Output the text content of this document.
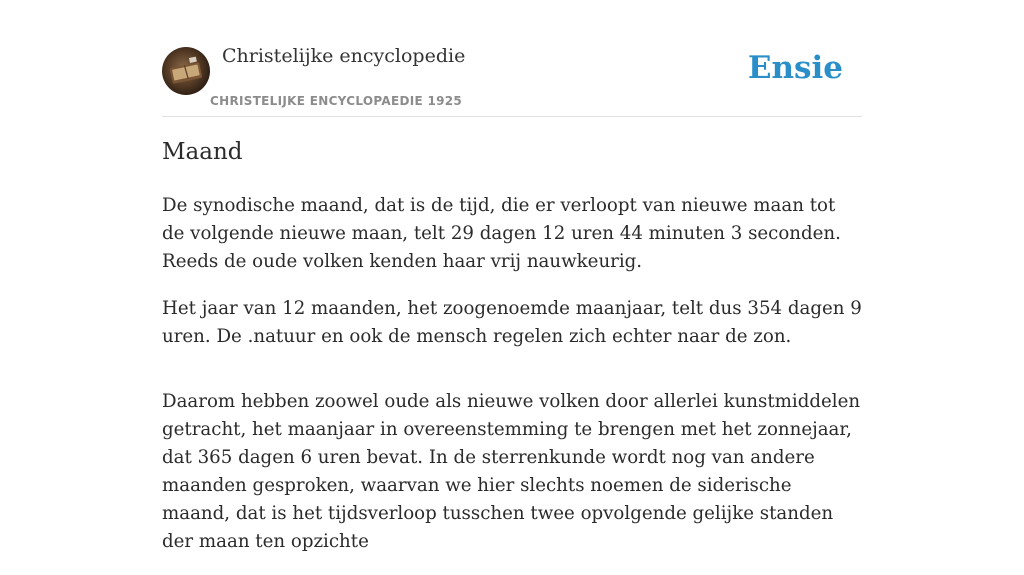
Christelijke encyclopedie
CHRISTELIJKE ENCYCLOPAEDIE 1925
Ensie
Maand

De synodische maand, dat is de tijd, die er verloopt van nieuwe maan tot de volgende nieuwe maan, telt 29 dagen 12 uren 44 minuten 3 seconden. Reeds de oude volken kenden haar vrij nauwkeurig.

Het jaar van 12 maanden, het zoogenoemde maanjaar, telt dus 354 dagen 9 uren. De .natuur en ook de mensch regelen zich echter naar de zon.

Daarom hebben zoowel oude als nieuwe volken door allerlei kunstmiddelen getracht, het maanjaar in overeenstemming te brengen met het zonnejaar, dat 365 dagen 6 uren bevat. In de sterrenkunde wordt nog van andere maanden gesproken, waarvan we hier slechts noemen de siderische maand, dat is het tijdsverloop tusschen twee opvolgende gelijke standen der maan ten opzichte
